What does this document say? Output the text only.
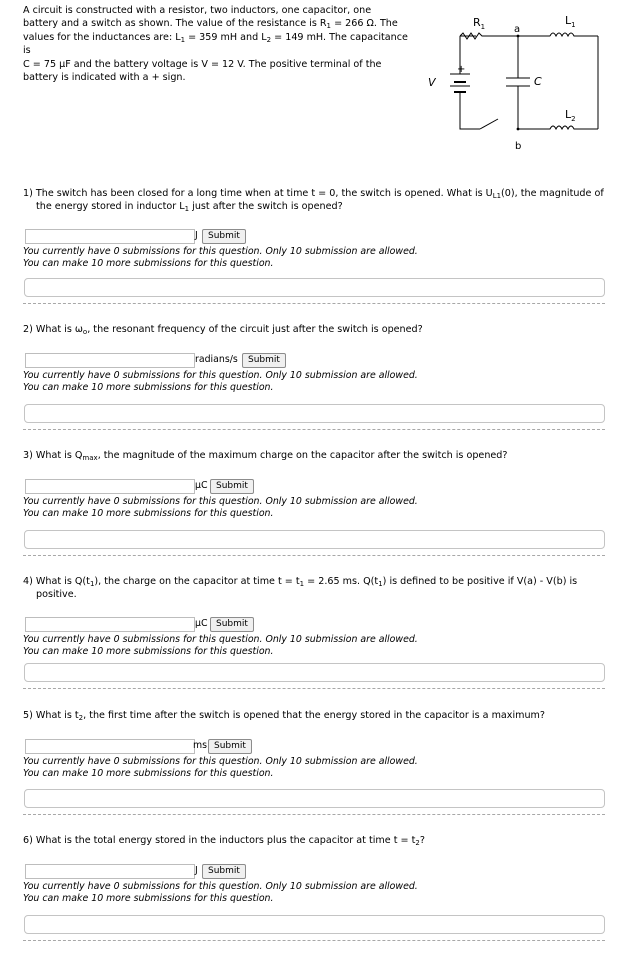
A circuit is constructed with a resistor, two inductors, one capacitor, one
battery and a switch as shown. The value of the resistance is $R_1 = 266$ Ω. The
values for the inductances are: $L_1 = 359$ mH and $L_2 = 149$ mH. The capacitance is
C = 75 μF and the battery voltage is V = 12 V. The positive terminal of the
battery is indicated with a + sign.
$R_1$	a
$L_1$
V
+
C
$L_2$
b
1) The switch has been closed for a long time when at time t = 0, the switch is opened. What is $U_{L1}(0)$, the magnitude of
the energy stored in inductor $L_1$ just after the switch is opened?
J	Submit
You currently have 0 submissions for this question. Only 10 submission are allowed.
You can make 10 more submissions for this question.
2) What is $\omega_o$, the resonant frequency of the circuit just after the switch is opened?
radians/s	Submit
You currently have 0 submissions for this question. Only 10 submission are allowed.
You can make 10 more submissions for this question.
3) What is $Q_{max}$, the magnitude of the maximum charge on the capacitor after the switch is opened?
μC Submit
You currently have 0 submissions for this question. Only 10 submission are allowed.
You can make 10 more submissions for this question.
4) What is $Q(t_1)$, the charge on the capacitor at time $t = t_1 = 2.65$ ms. $Q(t_1)$ is defined to be positive if V(a) - V(b) is
positive.
μC Submit
You currently have 0 submissions for this question. Only 10 submission are allowed.
You can make 10 more submissions for this question.
5) What is $t_2$, the first time after the switch is opened that the energy stored in the capacitor is a maximum?
ms Submit
You currently have 0 submissions for this question. Only 10 submission are allowed.
You can make 10 more submissions for this question.
6) What is the total energy stored in the inductors plus the capacitor at time $t = t_2$?
J	Submit
You currently have 0 submissions for this question. Only 10 submission are allowed.
You can make 10 more submissions for this question.
